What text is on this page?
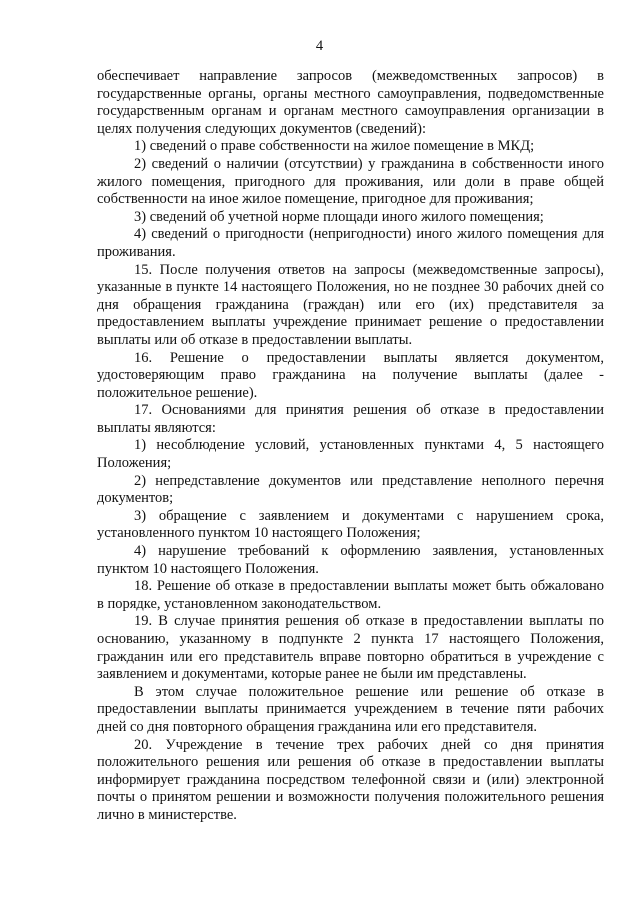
4

обеспечивает направление запросов (межведомственных запросов) в государственные органы, органы местного самоуправления, подведомственные государственным органам и органам местного самоуправления организации в целях получения следующих документов (сведений):

1) сведений о праве собственности на жилое помещение в МКД;

2) сведений о наличии (отсутствии) у гражданина в собственности иного жилого помещения, пригодного для проживания, или доли в праве общей собственности на иное жилое помещение, пригодное для проживания;

3) сведений об учетной норме площади иного жилого помещения;

4) сведений о пригодности (непригодности) иного жилого помещения для проживания.

15. После получения ответов на запросы (межведомственные запросы), указанные в пункте 14 настоящего Положения, но не позднее 30 рабочих дней со дня обращения гражданина (граждан) или его (их) представителя за предоставлением выплаты учреждение принимает решение о предоставлении выплаты или об отказе в предоставлении выплаты.

16. Решение о предоставлении выплаты является документом, удостоверяющим право гражданина на получение выплаты (далее - положительное решение).

17. Основаниями для принятия решения об отказе в предоставлении выплаты являются:

1) несоблюдение условий, установленных пунктами 4, 5 настоящего Положения;

2) непредставление документов или представление неполного перечня документов;

3) обращение с заявлением и документами с нарушением срока, установленного пунктом 10 настоящего Положения;

4) нарушение требований к оформлению заявления, установленных пунктом 10 настоящего Положения.

18. Решение об отказе в предоставлении выплаты может быть обжаловано в порядке, установленном законодательством.

19. В случае принятия решения об отказе в предоставлении выплаты по основанию, указанному в подпункте 2 пункта 17 настоящего Положения, гражданин или его представитель вправе повторно обратиться в учреждение с заявлением и документами, которые ранее не были им представлены.

В этом случае положительное решение или решение об отказе в предоставлении выплаты принимается учреждением в течение пяти рабочих дней со дня повторного обращения гражданина или его представителя.

20. Учреждение в течение трех рабочих дней со дня принятия положительного решения или решения об отказе в предоставлении выплаты информирует гражданина посредством телефонной связи и (или) электронной почты о принятом решении и возможности получения положительного решения лично в министерстве.
